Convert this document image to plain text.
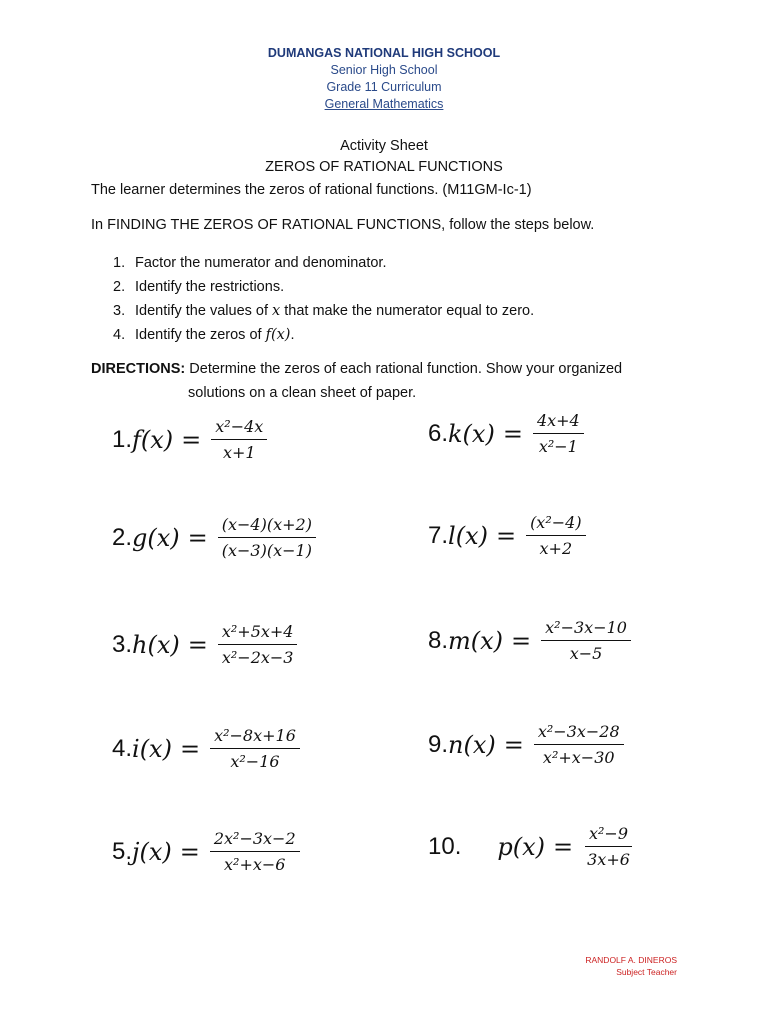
DUMANGAS NATIONAL HIGH SCHOOL
Senior High School
Grade 11 Curriculum
General Mathematics
Activity Sheet
ZEROS OF RATIONAL FUNCTIONS
The learner determines the zeros of rational functions. (M11GM-Ic-1)
In FINDING THE ZEROS OF RATIONAL FUNCTIONS, follow the steps below.
1. Factor the numerator and denominator.
2. Identify the restrictions.
3. Identify the values of x that make the numerator equal to zero.
4. Identify the zeros of f(x).
DIRECTIONS: Determine the zeros of each rational function. Show your organized
solutions on a clean sheet of paper.
1. $f(x) = \frac{\text{x²−4x}}{x+1}$
2. $g(x) = \frac{(x-4)(x+2)}{(x-3)(x-1)}$
3. $h(x) = \frac{\text{x²+5x+4}}{\text{x²−2x−3}}$
4. $i(x) = \frac{\text{x²−8x+16}}{\text{x²−16}}$
5. $j(x) = \frac{\text{2x²−3x−2}}{\text{x²+x−6}}$
6. $k(x) = \frac{4x+4}{\text{x²−1}}$
7. $l(x) = \frac{\text{(x²−4)}}{x+2}$
8. $m(x) = \frac{\text{x²−3x−10}}{x-5}$
9. $n(x) = \frac{\text{x²−3x−28}}{\text{x²+x−30}}$
10. $p(x) = \frac{\text{x²−9}}{3x+6}$
RANDOLF A. DINEROS
Subject Teacher
